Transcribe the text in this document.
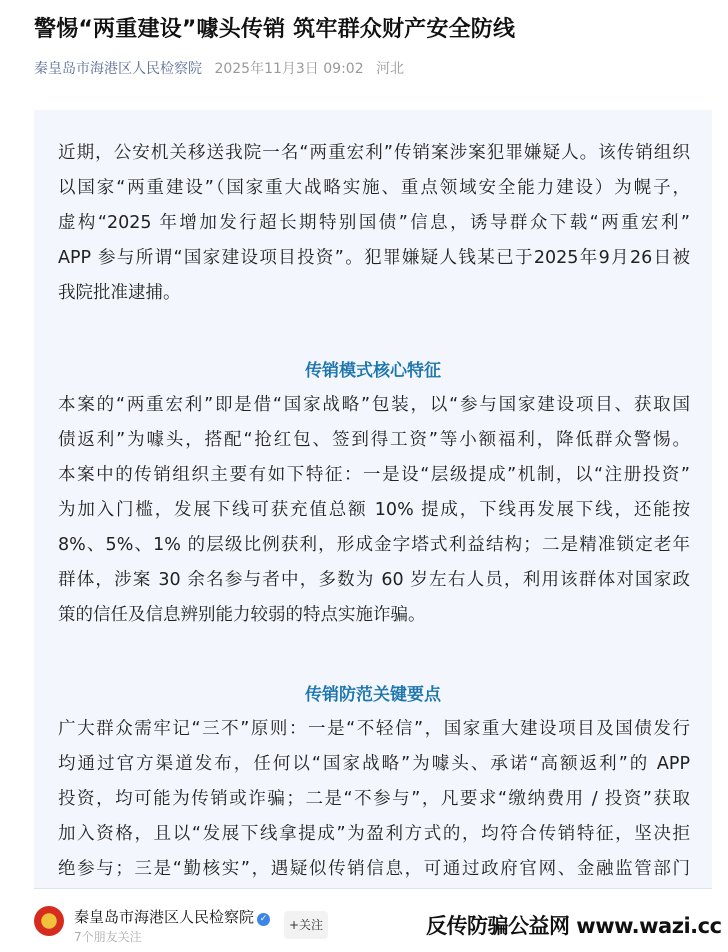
警惕“两重建设”噱头传销 筑牢群众财产安全防线
秦皇岛市海港区人民检察院 2025年11月3日 09:02 河北
近期，公安机关移送我院一名“两重宏利”传销案涉案犯罪嫌疑人。该传销组织
以国家“两重建设”（国家重大战略实施、重点领域安全能力建设）为幌子，
虚构“2025 年增加发行超长期特别国债”信息，诱导群众下载“两重宏利”
APP 参与所谓“国家建设项目投资”。犯罪嫌疑人钱某已于2025年9月26日被
我院批准逮捕。
传销模式核心特征
本案的“两重宏利”即是借“国家战略”包装，以“参与国家建设项目、获取国
债返利”为噱头，搭配“抢红包、签到得工资”等小额福利，降低群众警惕。
本案中的传销组织主要有如下特征：一是设“层级提成”机制，以“注册投资”
为加入门槛，发展下线可获充值总额 10% 提成，下线再发展下线，还能按
8%、5%、1% 的层级比例获利，形成金字塔式利益结构；二是精准锁定老年
群体，涉案 30 余名参与者中，多数为 60 岁左右人员，利用该群体对国家政
策的信任及信息辨别能力较弱的特点实施诈骗。
传销防范关键要点
广大群众需牢记“三不”原则：一是“不轻信”，国家重大建设项目及国债发行
均通过官方渠道发布，任何以“国家战略”为噱头、承诺“高额返利”的 APP
投资，均可能为传销或诈骗；二是“不参与”，凡要求“缴纳费用 / 投资”获取
加入资格，且以“发展下线拿提成”为盈利方式的，均符合传销特征，坚决拒
绝参与；三是“勤核实”，遇疑似传销信息，可通过政府官网、金融监管部门
秦皇岛市海港区人民检察院 ✓
7个朋友关注
+关注	反传防骗公益网 www.wazi.cc
